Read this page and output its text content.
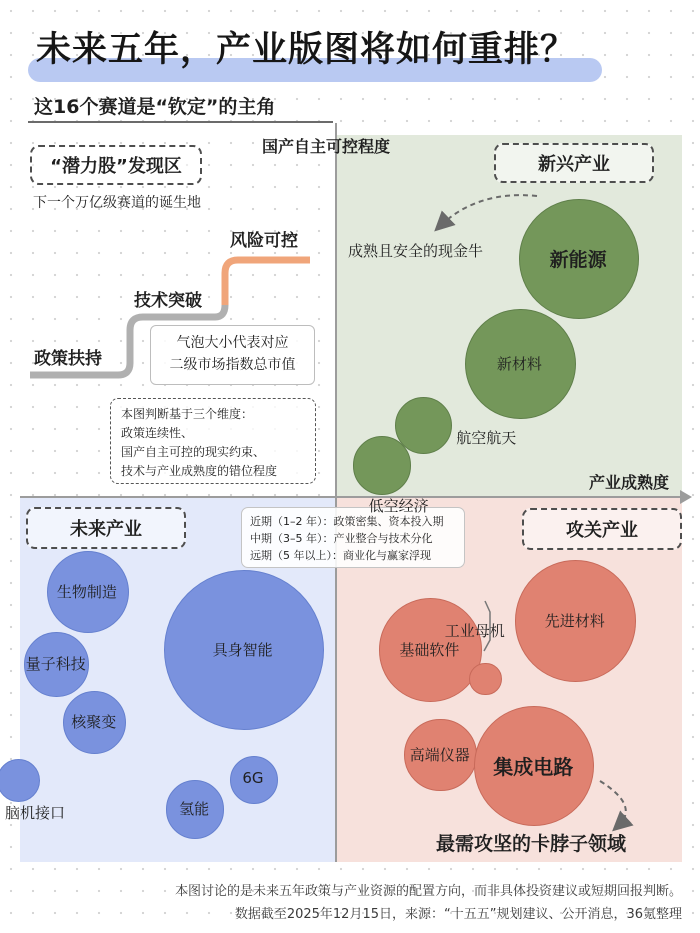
未来五年，产业版图将如何重排？
这16个赛道是“钦定”的主角
国产自主可控程度
产业成熟度
“潜力股”发现区
下一个万亿级赛道的诞生地
政策扶持
技术突破
风险可控
气泡大小代表对应
二级市场指数总市值
本图判断基于三个维度：
政策连续性、
国产自主可控的现实约束、
技术与产业成熟度的错位程度
新兴产业
未来产业	攻关产业
近期（1–2 年）：政策密集、资本投入期
中期（3–5 年）：产业整合与技术分化
远期（5 年以上）：商业化与赢家浮现
成熟且安全的现金牛
最需攻坚的卡脖子领域
新能源
新材料
航空航天
低空经济
具身智能
生物制造
量子科技
核聚变
脑机接口	氢能
6G
先进材料
基础软件
工业母机
高端仪器
集成电路
本图讨论的是未来五年政策与产业资源的配置方向，而非具体投资建议或短期回报判断。
数据截至2025年12月15日，来源：“十五五”规划建议、公开消息，36氪整理
